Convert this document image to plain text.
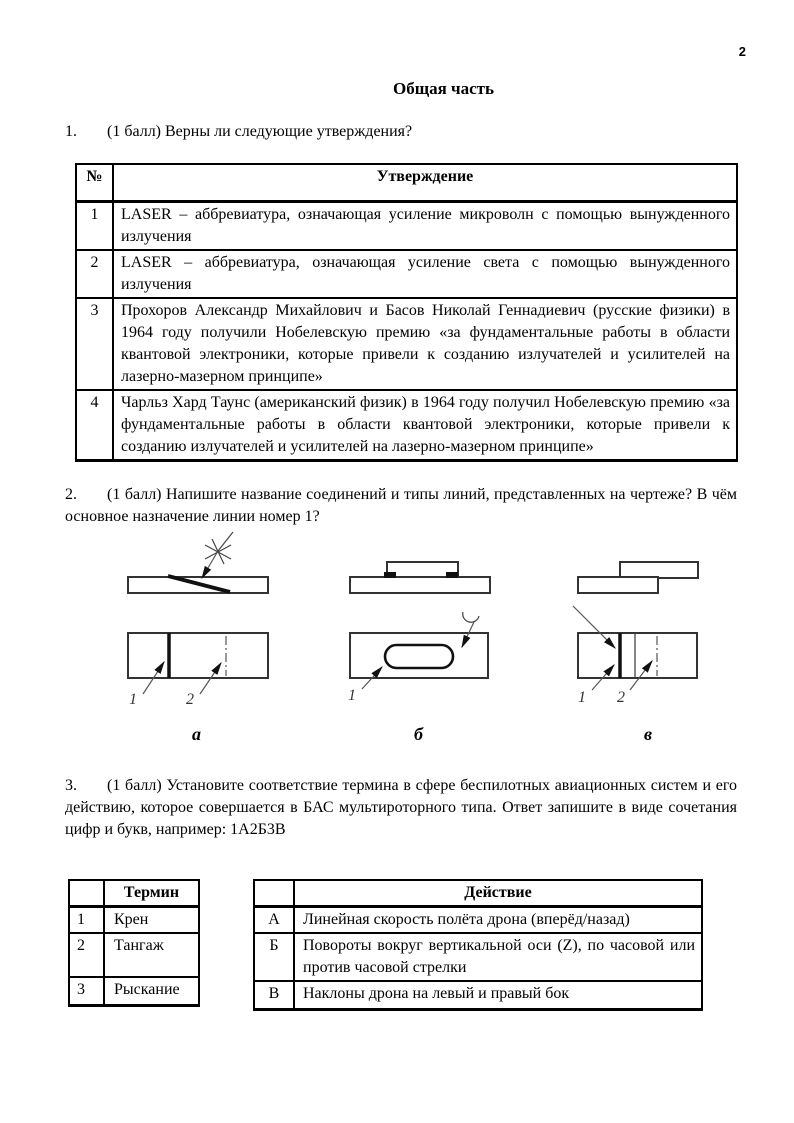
2
Общая часть

1. (1 балл) Верны ли следующие утверждения?

№	Утверждение
1	LASER – аббревиатура, означающая усиление микроволн с помощью вынужденного излучения
2	LASER – аббревиатура, означающая усиление света с помощью вынужденного излучения
3	Прохоров Александр Михайлович и Басов Николай Геннадиевич (русские физики) в 1964 году получили Нобелевскую премию «за фундаментальные работы в области квантовой электроники, которые привели к созданию излучателей и усилителей на лазерно-мазерном принципе»
4	Чарльз Хард Таунс (американский физик) в 1964 году получил Нобелевскую премию «за фундаментальные работы в области квантовой электроники, которые привели к созданию излучателей и усилителей на лазерно-мазерном принципе»

2. (1 балл) Напишите название соединений и типы линий, представленных на чертеже? В чём основное назначение линии номер 1?

1	2
а
1
б
1 2
в

3. (1 балл) Установите соответствие термина в сфере беспилотных авиационных систем и его действию, которое совершается в БАС мультироторного типа. Ответ запишите в виде сочетания цифр и букв, например: 1А2Б3В

	Термин
1	Крен
2	Тангаж
3	Рыскание
	Действие
А	Линейная скорость полёта дрона (вперёд/назад)
Б	Повороты вокруг вертикальной оси (Z), по часовой или против часовой стрелки
В	Наклоны дрона на левый и правый бок
